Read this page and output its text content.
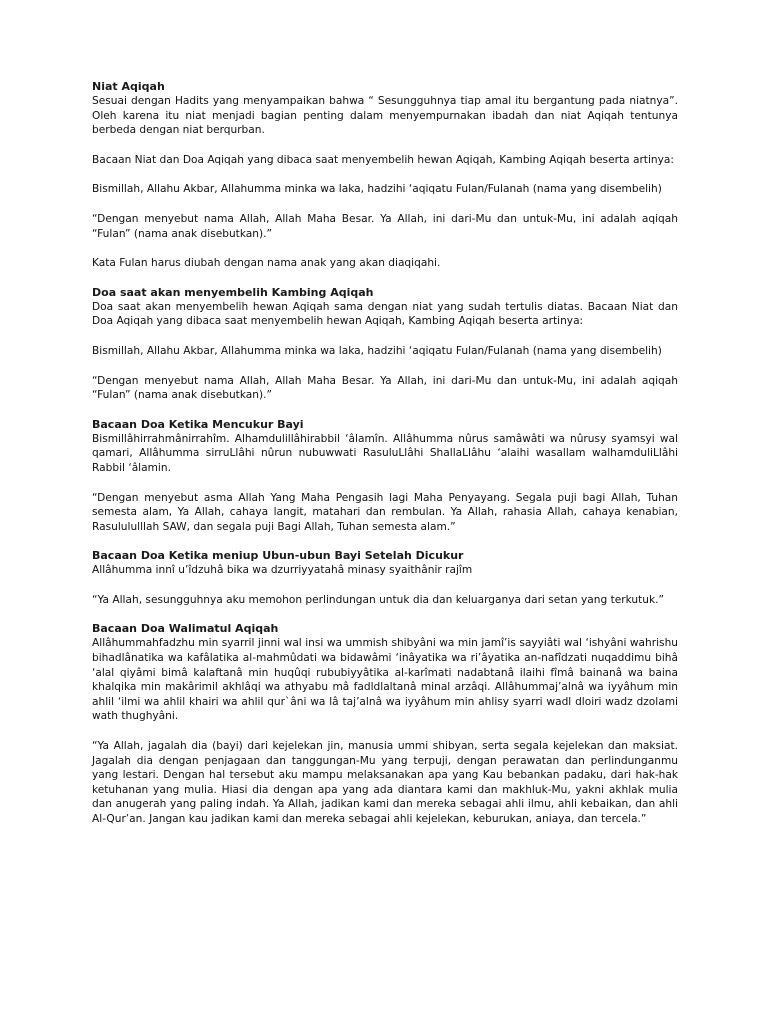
Niat Aqiqah

Sesuai dengan Hadits yang menyampaikan bahwa “ Sesungguhnya tiap amal itu bergantung pada niatnya”. Oleh karena itu niat menjadi bagian penting dalam menyempurnakan ibadah dan niat Aqiqah tentunya berbeda dengan niat berqurban.

Bacaan Niat dan Doa Aqiqah yang dibaca saat menyembelih hewan Aqiqah, Kambing Aqiqah beserta artinya:

Bismillah, Allahu Akbar, Allahumma minka wa laka, hadzihi ‘aqiqatu Fulan/Fulanah (nama yang disembelih)

“Dengan menyebut nama Allah, Allah Maha Besar. Ya Allah, ini dari-Mu dan untuk-Mu, ini adalah aqiqah “Fulan” (nama anak disebutkan).”

Kata Fulan harus diubah dengan nama anak yang akan diaqiqahi.

Doa saat akan menyembelih Kambing Aqiqah

Doa saat akan menyembelih hewan Aqiqah sama dengan niat yang sudah tertulis diatas. Bacaan Niat dan Doa Aqiqah yang dibaca saat menyembelih hewan Aqiqah, Kambing Aqiqah beserta artinya:

Bismillah, Allahu Akbar, Allahumma minka wa laka, hadzihi ‘aqiqatu Fulan/Fulanah (nama yang disembelih)

“Dengan menyebut nama Allah, Allah Maha Besar. Ya Allah, ini dari-Mu dan untuk-Mu, ini adalah aqiqah “Fulan” (nama anak disebutkan).”

Bacaan Doa Ketika Mencukur Bayi

Bismillâhirrahmânirrahîm. Alhamdulillâhirabbil ‘âlamîn. Allâhumma nûrus samâwâti wa nûrusy syamsyi wal qamari, Allâhumma sirruLlâhi nûrun nubuwwati RasuluLlâhi ShallaLlâhu ‘alaihi wasallam walhamduliLlâhi Rabbil ‘âlamin.

“Dengan menyebut asma Allah Yang Maha Pengasih lagi Maha Penyayang. Segala puji bagi Allah, Tuhan semesta alam, Ya Allah, cahaya langit, matahari dan rembulan. Ya Allah, rahasia Allah, cahaya kenabian, Rasulululllah SAW, dan segala puji Bagi Allah, Tuhan semesta alam.”

Bacaan Doa Ketika meniup Ubun-ubun Bayi Setelah Dicukur

Allâhumma innî u’îdzuhâ bika wa dzurriyyatahâ minasy syaithânir rajîm

“Ya Allah, sesungguhnya aku memohon perlindungan untuk dia dan keluarganya dari setan yang terkutuk.”

Bacaan Doa Walimatul Aqiqah

Allâhummahfadzhu min syarril jinni wal insi wa ummish shibyâni wa min jamî’is sayyiâti wal ‘ishyâni wahrishu bihadlânatika wa kafâlatika al-mahmûdati wa bidawâmi ‘inâyatika wa ri’âyatika an-nafîdzati nuqaddimu bihâ ‘alal qiyâmi bimâ kalaftanâ min huqûqi rububiyyâtika al-karîmati nadabtanâ ilaihi fîmâ bainanâ wa baina khalqika min makârimil akhlâqi wa athyabu mâ fadldlaltanâ minal arzâqi. Allâhummaj’alnâ wa iyyâhum min ahlil ‘ilmi wa ahlil khairi wa ahlil qur`âni wa lâ taj’alnâ wa iyyâhum min ahlisy syarri wadl dloiri wadz dzolami wath thughyâni.

“Ya Allah, jagalah dia (bayi) dari kejelekan jin, manusia ummi shibyan, serta segala kejelekan dan maksiat. Jagalah dia dengan penjagaan dan tanggungan-Mu yang terpuji, dengan perawatan dan perlindunganmu yang lestari. Dengan hal tersebut aku mampu melaksanakan apa yang Kau bebankan padaku, dari hak-hak ketuhanan yang mulia. Hiasi dia dengan apa yang ada diantara kami dan makhluk-Mu, yakni akhlak mulia dan anugerah yang paling indah. Ya Allah, jadikan kami dan mereka sebagai ahli ilmu, ahli kebaikan, dan ahli Al-Qur’an. Jangan kau jadikan kami dan mereka sebagai ahli kejelekan, keburukan, aniaya, dan tercela.”
